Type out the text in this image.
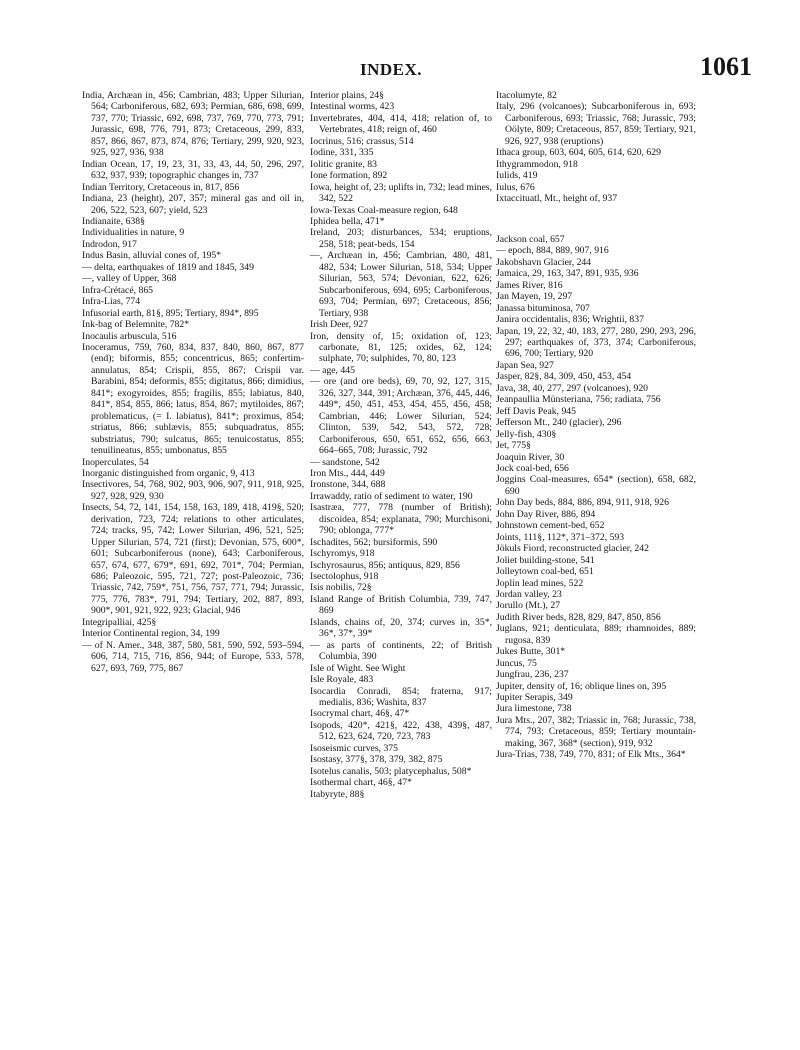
INDEX.	1061

India, Archæan in, 456; Cambrian, 483; Upper Silurian, 564; Carboniferous, 682, 693; Permian, 686, 698, 699, 737, 770; Triassic, 692, 698, 737, 769, 770, 773, 791; Jurassic, 698, 776, 791, 873; Cretaceous, 299, 833, 857, 866, 867, 873, 874, 876; Tertiary, 299, 920, 923, 925, 927, 936, 938

Indian Ocean, 17, 19, 23, 31, 33, 43, 44, 50, 296, 297, 632, 937, 939; topographic changes in, 737

Indian Territory, Cretaceous in, 817, 856

Indiana, 23 (height), 207, 357; mineral gas and oil in, 206, 522, 523, 607; yield, 523

Indianaite, 638§

Individualities in nature, 9

Indrodon, 917

Indus Basin, alluvial cones of, 195*

— delta, earthquakes of 1819 and 1845, 349

—, valley of Upper, 368

Infra-Crétacé, 865

Infra-Lias, 774

Infusorial earth, 81§, 895; Tertiary, 894*, 895

Ink-bag of Belemnite, 782*

Inocaulis arbuscula, 516

Inoceramus, 759, 760, 834, 837, 840, 860, 867, 877 (end); biformis, 855; concentricus, 865; confertim-annulatus, 854; Crispii, 855, 867; Crispii var. Barabini, 854; deformis, 855; digitatus, 866; dimidius, 841*; exogyroides, 855; fragilis, 855; labiatus, 840, 841*, 854, 855, 866; latus, 854, 867; mytiloides, 867; problematicus, (= I. labiatus), 841*; proximus, 854; striatus, 866; sublævis, 855; subquadratus, 855; substriatus, 790; sulcatus, 865; tenuicostatus, 855; tenuilineatus, 855; umbonatus, 855

Inoperculates, 54

Inorganic distinguished from organic, 9, 413

Insectivores, 54, 768, 902, 903, 906, 907, 911, 918, 925, 927, 928, 929, 930

Insects, 54, 72, 141, 154, 158, 163, 189, 418, 419§, 520; derivation, 723, 724; relations to other articulates, 724; tracks, 95, 742; Lower Silurian, 496, 521, 525; Upper Silurian, 574, 721 (first); Devonian, 575, 600*, 601; Subcarboniferous (none), 643; Carboniferous, 657, 674, 677, 679*, 691, 692, 701*, 704; Permian, 686; Paleozoic, 595, 721, 727; post-Paleozoic, 736; Triassic, 742, 759*, 751, 756, 757, 771, 794; Jurassic, 775, 776, 783*, 791, 794; Tertiary, 202, 887, 893, 900*, 901, 921, 922, 923; Glacial, 946

Integripalliai, 425§

Interior Continental region, 34, 199

— of N. Amer., 348, 387, 580, 581, 590, 592, 593–594, 606, 714, 715, 716, 856, 944; of Europe, 533, 578, 627, 693, 769, 775, 867

Interior plains, 24§

Intestinal worms, 423

Invertebrates, 404, 414, 418; relation of, to Vertebrates, 418; reign of, 460

Iocrinus, 516; crassus, 514

Iodine, 331, 335

Iolitic granite, 83

Ione formation, 892

Iowa, height of, 23; uplifts in, 732; lead mines, 342, 522

Iowa-Texas Coal-measure region, 648

Iphidea bella, 471*

Ireland, 203; disturbances, 534; eruptions, 258, 518; peat-beds, 154

—, Archæan in, 456; Cambrian, 480, 481, 482, 534; Lower Silurian, 518, 534; Upper Silurian, 563, 574; Devonian, 622, 626; Subcarboniferous, 694, 695; Carboniferous, 693, 704; Permian, 697; Cretaceous, 856; Tertiary, 938

Irish Deer, 927

Iron, density of, 15; oxidation of, 123; carbonate, 81, 125; oxides, 62, 124; sulphate, 70; sulphides, 70, 80, 123

— age, 445

— ore (and ore beds), 69, 70, 92, 127, 315, 326, 327, 344, 391; Archæan, 376, 445, 446, 449*, 450, 451, 453, 454, 455, 456, 458; Cambrian, 446; Lower Silurian, 524; Clinton, 539, 542, 543, 572, 728; Carboniferous, 650, 651, 652, 656, 663, 664–665, 708; Jurassic, 792

— sandstone, 542

Iron Mts., 444, 449

Ironstone, 344, 688

Irrawaddy, ratio of sediment to water, 190

Isastræa, 777, 778 (number of British); discoidea, 854; explanata, 790; Murchisoni, 790; oblonga, 777*

Ischadites, 562; bursiformis, 590

Ischyromys, 918

Ischyrosaurus, 856; antiquus, 829, 856

Isectolophus, 918

Isis nobilis, 72§

Island Range of British Columbia, 739, 747, 869

Islands, chains of, 20, 374; curves in, 35*, 36*, 37*, 39*

— as parts of continents, 22; of British Columbia, 390

Isle of Wight. See Wight

Isle Royale, 483

Isocardia Conradi, 854; fraterna, 917; medialis, 836; Washita, 837

Isocrymal chart, 46§, 47*

Isopods, 420*, 421§, 422, 438, 439§, 487, 512, 623, 624, 720, 723, 783

Isoseismic curves, 375

Isostasy, 377§, 378, 379, 382, 875

Isotelus canalis, 503; platycephalus, 508*

Isothermal chart, 46§, 47*

Itabyryte, 88§

Itacolumyte, 82

Italy, 296 (volcanoes); Subcarboniferous in, 693; Carboniferous, 693; Triassic, 768; Jurassic, 793; Oölyte, 809; Cretaceous, 857, 859; Tertiary, 921, 926, 927, 938 (eruptions)

Ithaca group, 603, 604, 605, 614, 620, 629

Ithygrammodon, 918

Iulids, 419

Iulus, 676

Ixtaccituatl, Mt., height of, 937

Jackson coal, 657

— epoch, 884, 889, 907, 916

Jakobshavn Glacier, 244

Jamaica, 29, 163, 347, 891, 935, 936

James River, 816

Jan Mayen, 19, 297

Janassa bituminosa, 707

Janira occidentalis, 836; Wrightii, 837

Japan, 19, 22, 32, 40, 183, 277, 280, 290, 293, 296, 297; earthquakes of, 373, 374; Carboniferous, 696, 700; Tertiary, 920

Japan Sea, 927

Jasper, 82§, 84, 309, 450, 453, 454

Java, 38, 40, 277, 297 (volcanoes), 920

Jeanpaullia Münsteriana, 756; radiata, 756

Jeff Davis Peak, 945

Jefferson Mt., 240 (glacier), 296

Jelly-fish, 430§

Jet, 775§

Joaquin River, 30

Jock coal-bed, 656

Joggins Coal-measures, 654* (section), 658, 682, 690

John Day beds, 884, 886, 894, 911, 918, 926

John Day River, 886, 894

Johnstown cement-bed, 652

Joints, 111§, 112*, 371–372, 593

Jökuls Fiord, reconstructed glacier, 242

Joliet building-stone, 541

Jolleytown coal-bed, 651

Joplin lead mines, 522

Jordan valley, 23

Jorullo (Mt.), 27

Judith River beds, 828, 829, 847, 850, 856

Juglans, 921; denticulata, 889; rhamnoides, 889; rugosa, 839

Jukes Butte, 301*

Juncus, 75

Jungfrau, 236, 237

Jupiter, density of, 16; oblique lines on, 395

Jupiter Serapis, 349

Jura limestone, 738

Jura Mts., 207, 382; Triassic in, 768; Jurassic, 738, 774, 793; Cretaceous, 859; Tertiary mountain-making, 367, 368* (section), 919, 932

Jura-Trias, 738, 749, 770, 831; of Elk Mts., 364*
